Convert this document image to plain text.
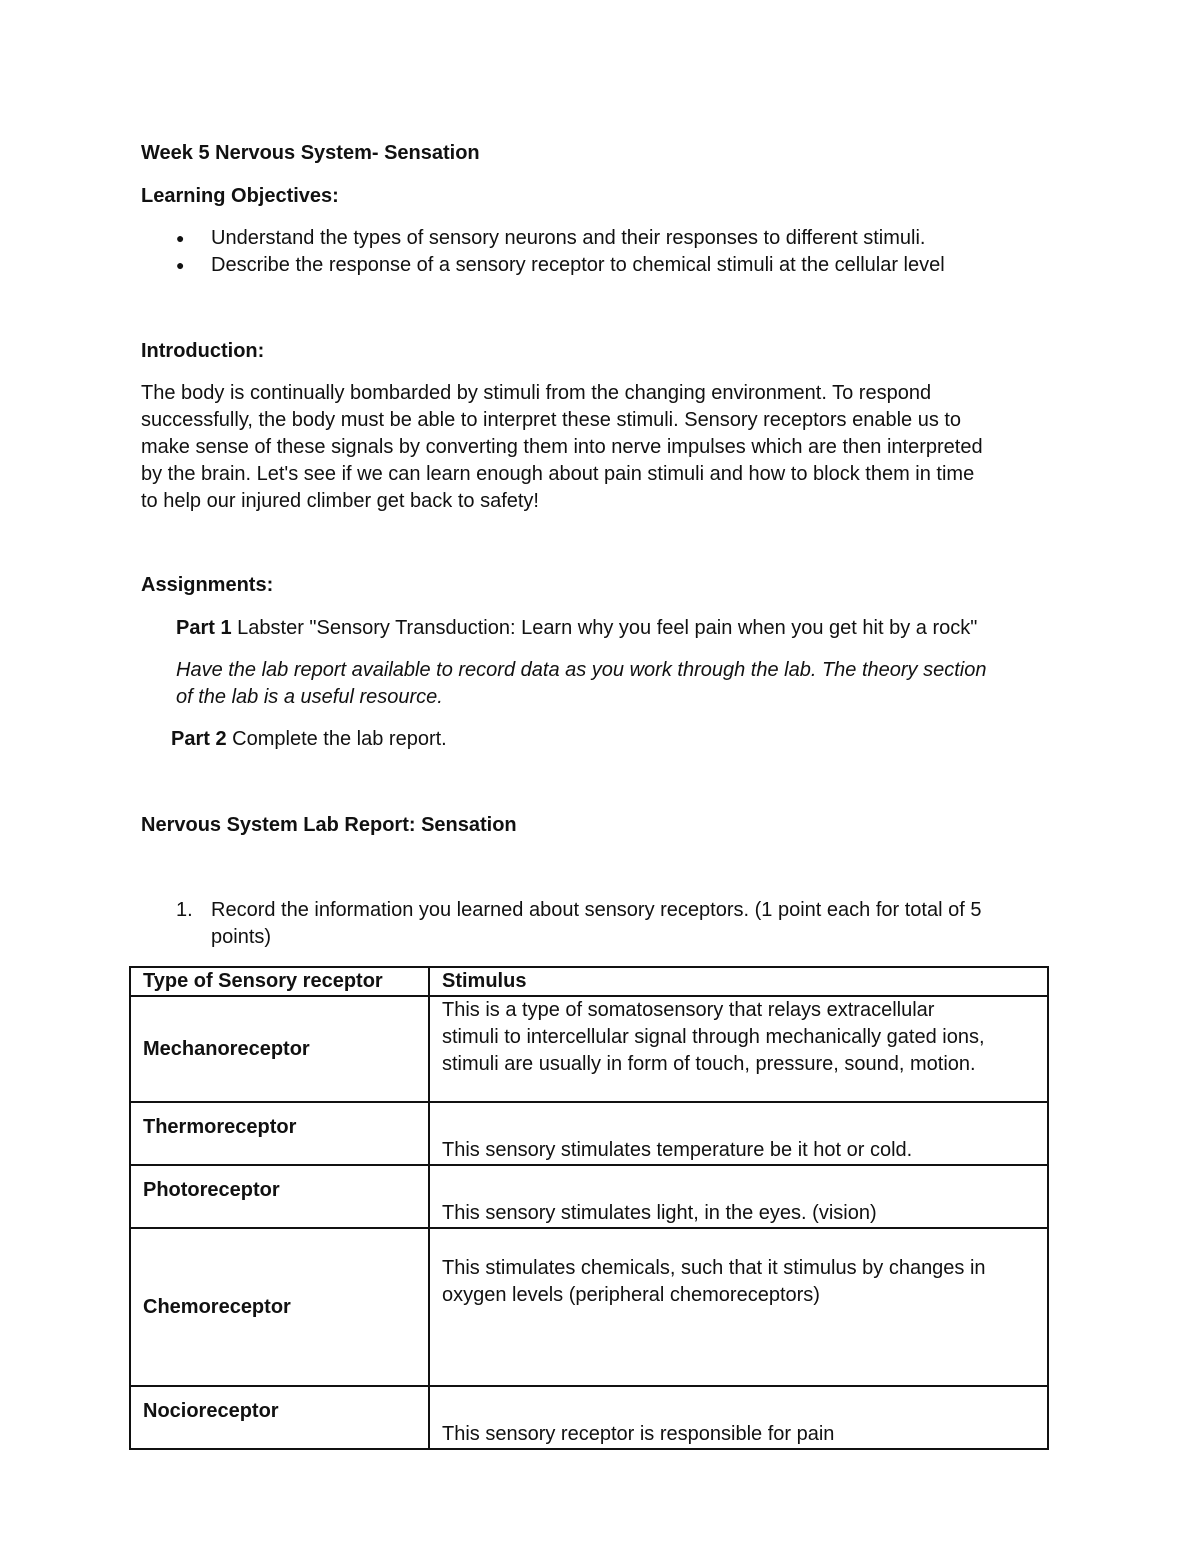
Week 5 Nervous System- Sensation
Learning Objectives:
● Understand the types of sensory neurons and their responses to different stimuli.
● Describe the response of a sensory receptor to chemical stimuli at the cellular level
Introduction:
The body is continually bombarded by stimuli from the changing environment. To respond
successfully, the body must be able to interpret these stimuli. Sensory receptors enable us to
make sense of these signals by converting them into nerve impulses which are then interpreted
by the brain. Let's see if we can learn enough about pain stimuli and how to block them in time
to help our injured climber get back to safety!
Assignments:
Part 1 Labster "Sensory Transduction: Learn why you feel pain when you get hit by a rock"
Have the lab report available to record data as you work through the lab. The theory section
of the lab is a useful resource.
Part 2 Complete the lab report.
Nervous System Lab Report: Sensation
1. Record the information you learned about sensory receptors. (1 point each for total of 5
points)
Type of Sensory receptor	Stimulus
Mechanoreceptor	This is a type of somatosensory that relays extracellular
stimuli to intercellular signal through mechanically gated ions,
stimuli are usually in form of touch, pressure, sound, motion.

Thermoreceptor	This sensory stimulates temperature be it hot or cold.

Photoreceptor	This sensory stimulates light, in the eyes. (vision)

Chemoreceptor	This stimulates chemicals, such that it stimulus by changes in
oxygen levels (peripheral chemoreceptors)

Nocioreceptor	This sensory receptor is responsible for pain
